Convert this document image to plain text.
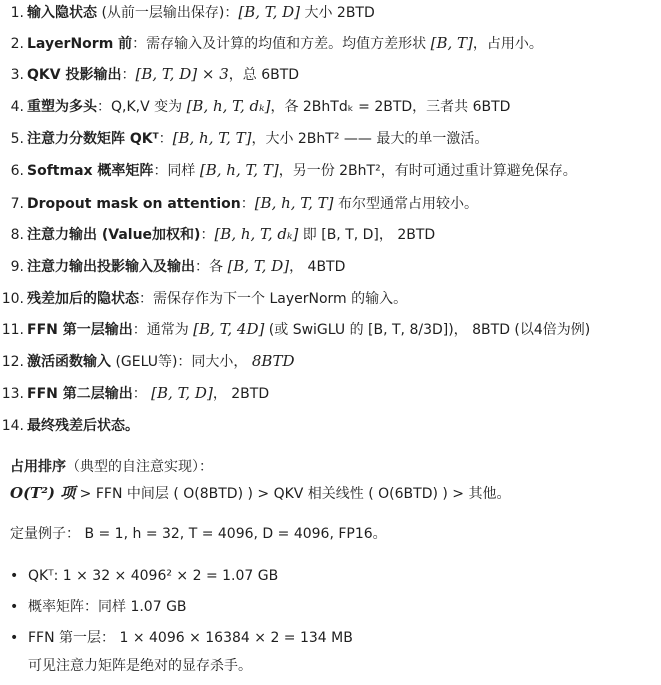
1. 输入隐状态 (从前一层输出保存)：[B, T, D] 大小 2BTD
2. LayerNorm 前：需存输入及计算的均值和方差。均值方差形状 [B, T]，占用小。
3. QKV 投影输出：[B, T, D] × 3，总 6BTD
4. 重塑为多头：Q,K,V 变为 [B, h, T, dₖ]，各 2BhTdₖ = 2BTD，三者共 6BTD
5. 注意力分数矩阵 QKᵀ：[B, h, T, T]，大小 2BhT² —— 最大的单一激活。
6. Softmax 概率矩阵：同样 [B, h, T, T]，另一份 2BhT²，有时可通过重计算避免保存。
7. Dropout mask on attention：[B, h, T, T] 布尔型通常占用较小。
8. 注意力输出 (Value加权和)：[B, h, T, dₖ] 即 [B, T, D]， 2BTD
9. 注意力输出投影输入及输出：各 [B, T, D]， 4BTD
10. 残差加后的隐状态：需保存作为下一个 LayerNorm 的输入。
11. FFN 第一层输出：通常为 [B, T, 4D] (或 SwiGLU 的 [B, T, 8/3D])， 8BTD (以4倍为例)
12. 激活函数输入 (GELU等)：同大小， 8BTD
13. FFN 第二层输出： [B, T, D]， 2BTD
14. 最终残差后状态。
占用排序（典型的自注意实现）：
O(T²) 项 > FFN 中间层 ( O(8BTD) ) > QKV 相关线性 ( O(6BTD) ) > 其他。
定量例子： B = 1, h = 32, T = 4096, D = 4096, FP16。
• QKᵀ: 1 × 32 × 4096² × 2 = 1.07 GB
• 概率矩阵：同样 1.07 GB
• FFN 第一层： 1 × 4096 × 16384 × 2 = 134 MB
可见注意力矩阵是绝对的显存杀手。
